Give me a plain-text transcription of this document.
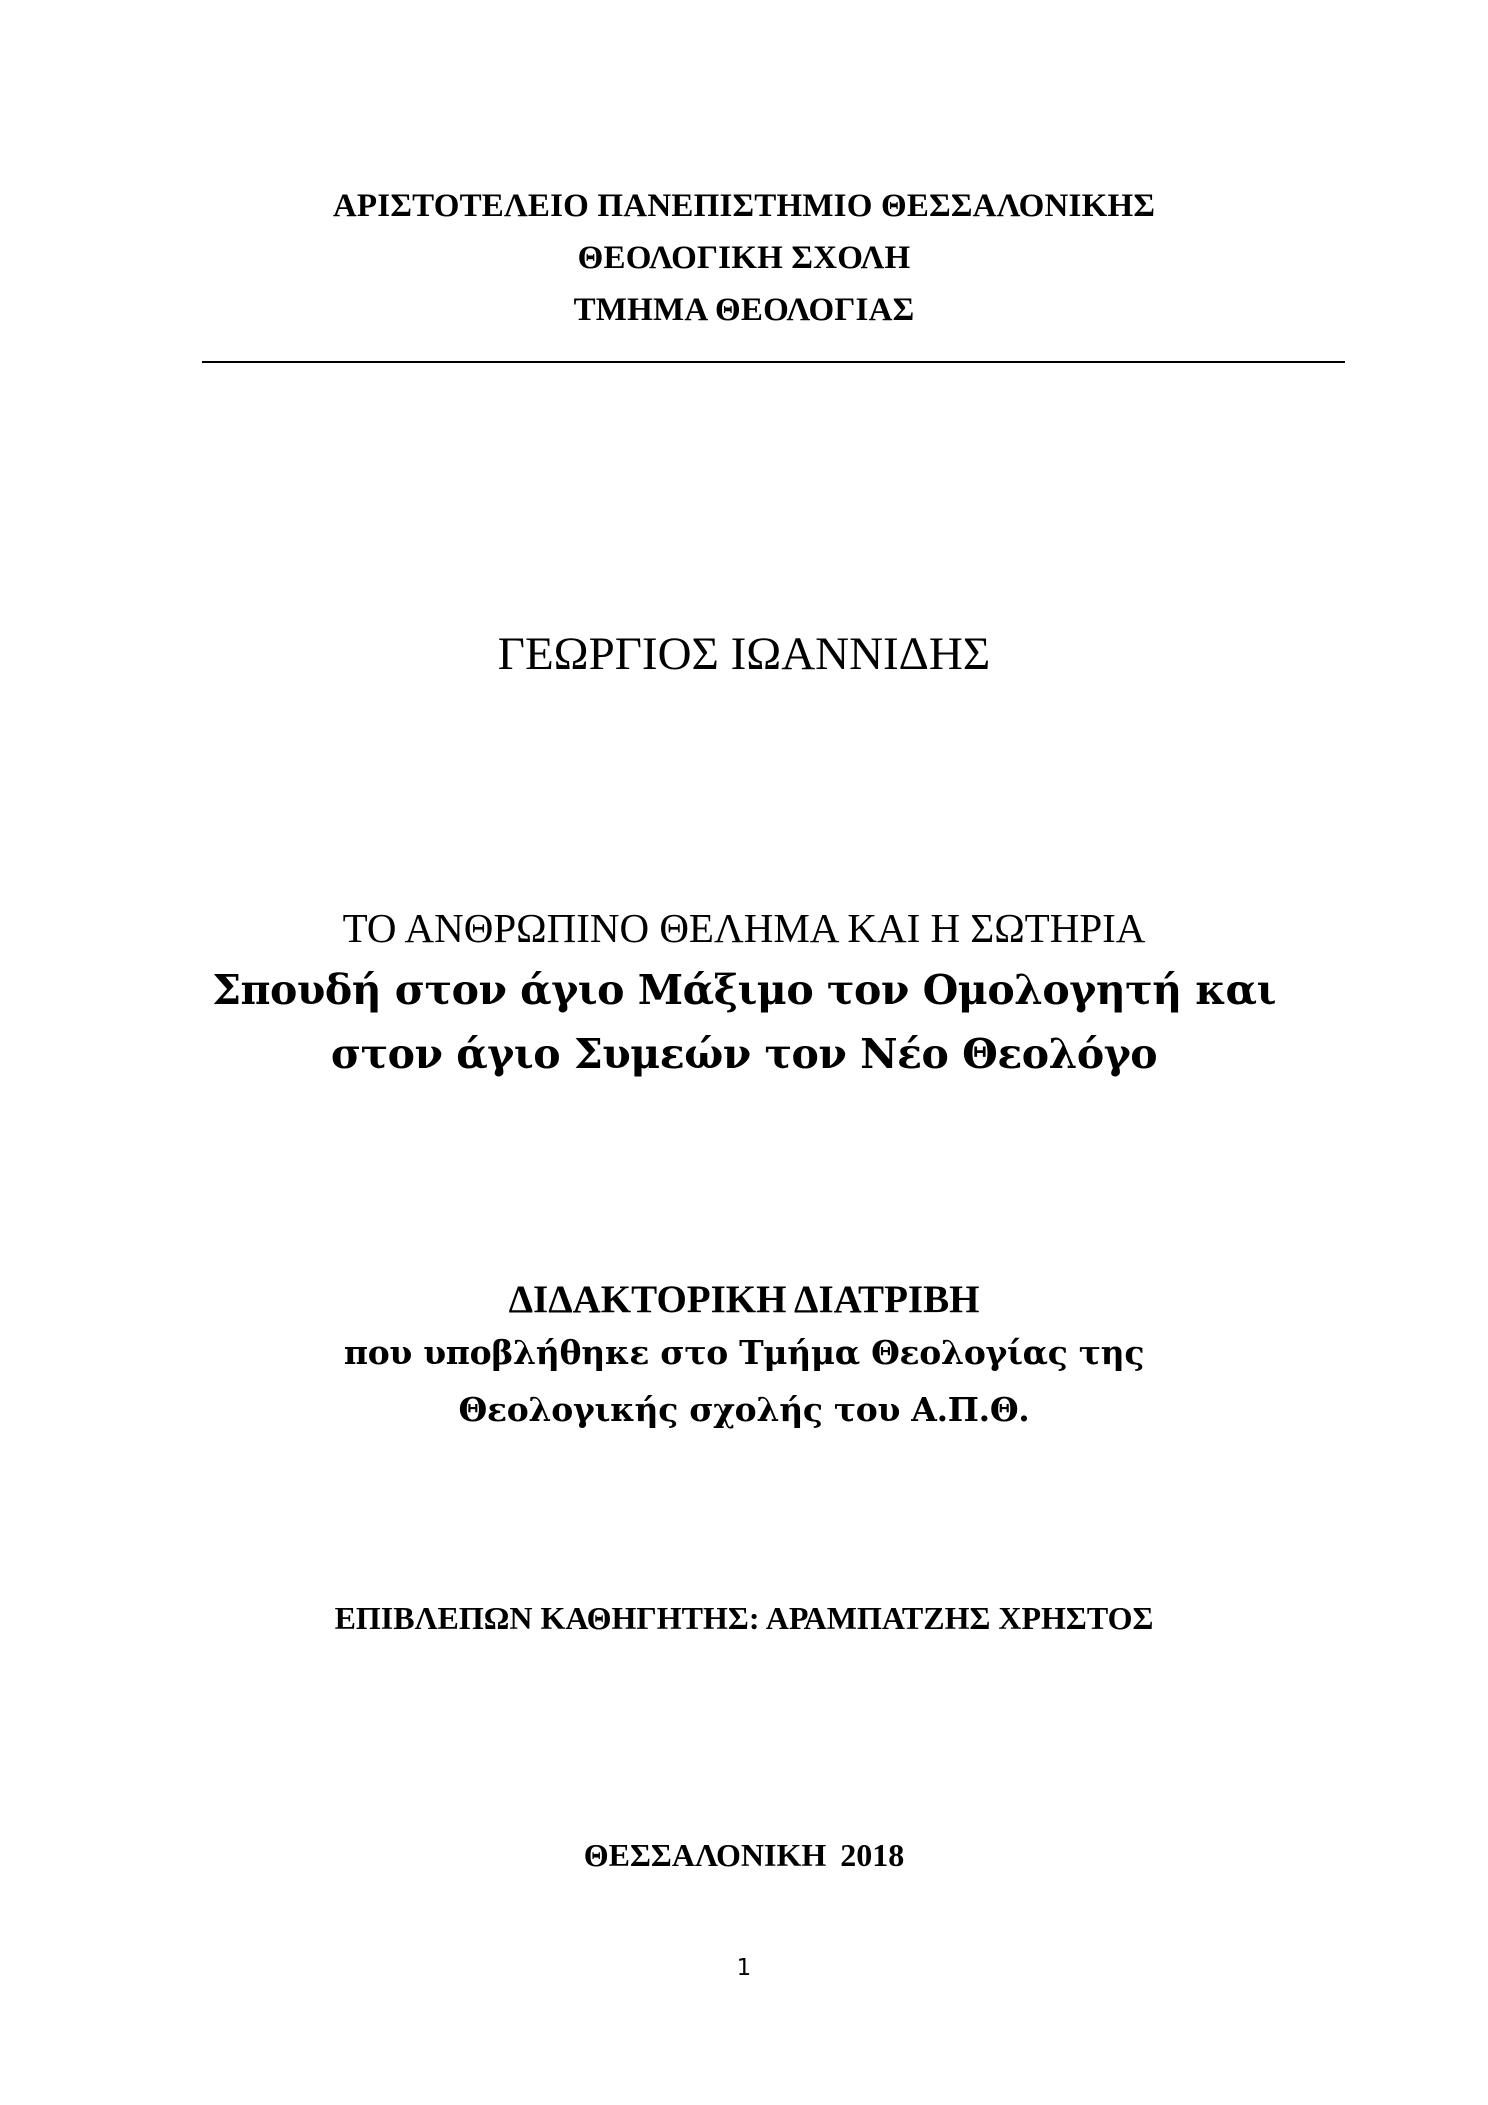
ΑΡΙΣΤΟΤΕΛΕΙΟ ΠΑΝΕΠΙΣΤΗΜΙΟ ΘΕΣΣΑΛΟΝΙΚΗΣ
ΘΕΟΛΟΓΙΚΗ ΣΧΟΛΗ
ΤΜΗΜΑ ΘΕΟΛΟΓΙΑΣ
ΓΕΩΡΓΙΟΣ ΙΩΑΝΝΙΔΗΣ
ΤΟ ΑΝΘΡΩΠΙΝΟ ΘΕΛΗΜΑ ΚΑΙ Η ΣΩΤΗΡΙΑ
Σπουδή στον άγιο Μάξιμο τον Ομολογητή και
στον άγιο Συμεών τον Νέο Θεολόγο
ΔΙΔΑΚΤΟΡΙΚΗ ΔΙΑΤΡΙΒΗ
που υποβλήθηκε στο Τμήμα Θεολογίας της
Θεολογικής σχολής του Α.Π.Θ.
ΕΠΙΒΛΕΠΩΝ ΚΑΘΗΓΗΤΗΣ: ΑΡΑΜΠΑΤΖΗΣ ΧΡΗΣΤΟΣ
ΘΕΣΣΑΛΟΝΙΚΗ 2018
1
